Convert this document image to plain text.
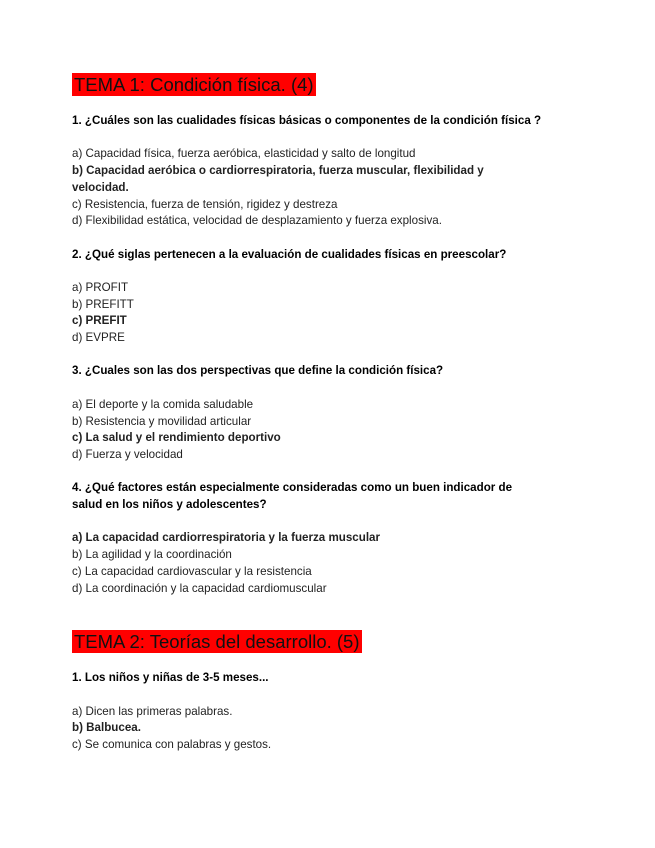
TEMA 1: Condición física. (4)
1. ¿Cuáles son las cualidades físicas básicas o componentes de la condición física ?
a) Capacidad física, fuerza aeróbica, elasticidad y salto de longitud
b) Capacidad aeróbica o cardiorrespiratoria, fuerza muscular, flexibilidad y velocidad.
c) Resistencia, fuerza de tensión, rigidez y destreza
d) Flexibilidad estática, velocidad de desplazamiento y fuerza explosiva.
2. ¿Qué siglas pertenecen a la evaluación de cualidades físicas en preescolar?
a) PROFIT
b) PREFITT
c) PREFIT
d) EVPRE
3. ¿Cuales son las dos perspectivas que define la condición física?
a) El deporte y la comida saludable
b) Resistencia y movilidad articular
c) La salud y el rendimiento deportivo
d) Fuerza y velocidad
4. ¿Qué factores están especialmente consideradas como un buen indicador de salud en los niños y adolescentes?
a) La capacidad cardiorrespiratoria y la fuerza muscular
b) La agilidad y la coordinación
c) La capacidad cardiovascular y la resistencia
d) La coordinación y la capacidad cardiomuscular
TEMA 2: Teorías del desarrollo. (5)
1. Los niños y niñas de 3-5 meses...
a) Dicen las primeras palabras.
b) Balbucea.
c) Se comunica con palabras y gestos.
